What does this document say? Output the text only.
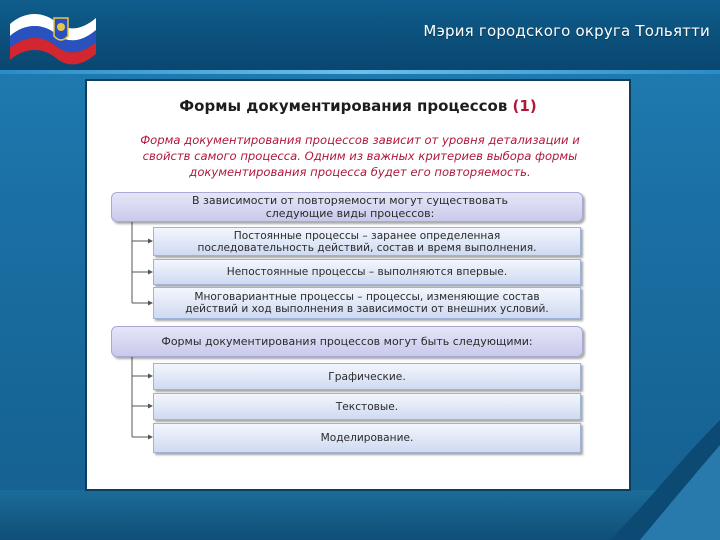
Мэрия городского округа Тольятти
Формы документирования процессов (1)
Форма документирования процессов зависит от уровня детализации и
свойств самого процесса. Одним из важных критериев выбора формы
документирования процесса будет его повторяемость.
В зависимости от повторяемости могут существовать
следующие виды процессов:
Постоянные процессы – заранее определенная
последовательность действий, состав и время выполнения.
Непостоянные процессы – выполняются впервые.
Многовариантные процессы – процессы, изменяющие состав
действий и ход выполнения в зависимости от внешних условий.
Формы документирования процессов могут быть следующими:
Графические.
Текстовые.
Моделирование.
